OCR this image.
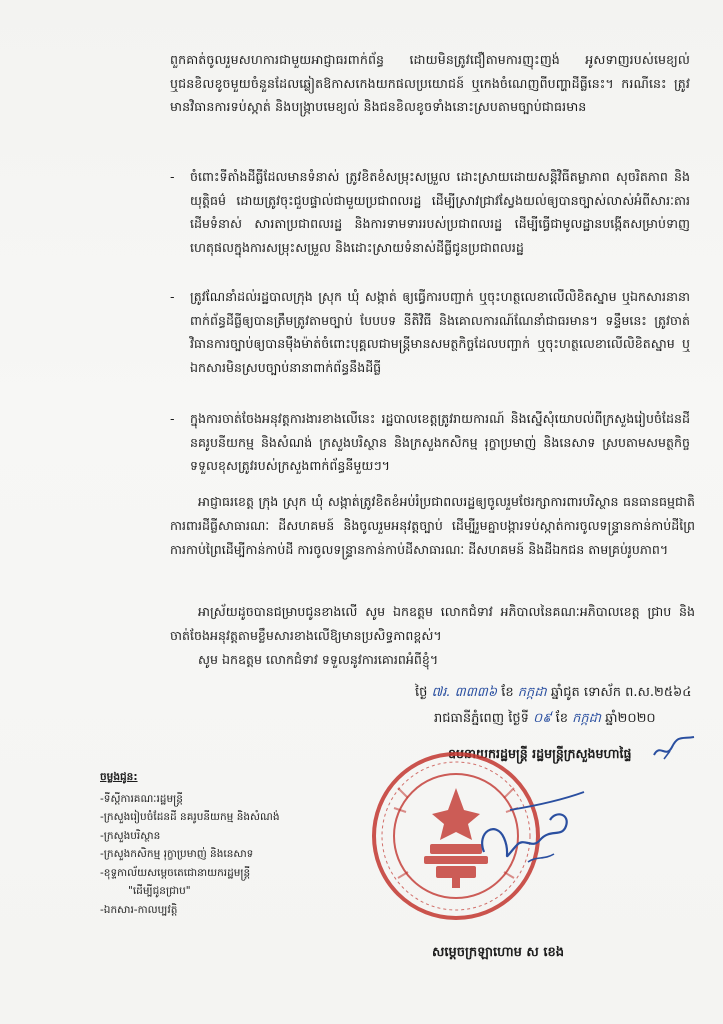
ពួកគាត់ចូលរួមសហការជាមួយអាជ្ញាធរពាក់ព័ន្ធ ដោយមិនត្រូវជឿតាមការញុះញង់ អូសទាញរបស់មេខ្យល់ ឬជនខិលខូចមួយចំនួនដែលឆ្លៀតឱកាសកេងយកផលប្រយោជន៍ ឬកេងចំណេញពីបញ្ហាដីធ្លីនេះ។ ករណីនេះ ត្រូវមានវិធានការទប់ស្កាត់ និងបង្ក្រាបមេខ្យល់ និងជនខិលខូចទាំងនោះស្របតាមច្បាប់ជាធរមាន
- ចំពោះទីតាំងដីធ្លីដែលមានទំនាស់ ត្រូវខិតខំសម្រុះសម្រួល ដោះស្រាយដោយសន្តិវិធីតម្លាភាព សុចរិតភាព និងយុត្តិធម៌ ដោយត្រូវចុះជួបផ្ទាល់ជាមួយប្រជាពលរដ្ឋ ដើម្បីស្រាវជ្រាវស្វែងយល់ឲ្យបានច្បាស់លាស់អំពីសារៈតារដើមទំនាស់ សារតាប្រជាពលរដ្ឋ និងការទាមទាររបស់ប្រជាពលរដ្ឋ ដើម្បីធ្វើជាមូលដ្ឋានបង្កើតសម្រាប់ទាញហេតុផលក្នុងការសម្រុះសម្រួល និងដោះស្រាយទំនាស់ដីធ្លីជូនប្រជាពលរដ្ឋ
- ត្រូវណែនាំដល់រដ្ឋបាលក្រុង ស្រុក ឃុំ សង្កាត់ ឲ្យធ្វើការបញ្ជាក់ ឬចុះហត្ថលេខាលើលិខិតស្នាម ឬឯកសារនានាពាក់ព័ន្ធដីធ្លីឲ្យបានត្រឹមត្រូវតាមច្បាប់ បែបបទ នីតិវិធី និងគោលការណ៍ណែនាំជាធរមាន។ ទន្ទឹមនេះ ត្រូវចាត់វិធានការច្បាប់ឲ្យបានម៉ឺងម៉ាត់ចំពោះបុគ្គលជាមន្ត្រីមានសមត្ថកិច្ចដែលបញ្ជាក់ ឬចុះហត្ថលេខាលើលិខិតស្នាម ឬឯកសារមិនស្របច្បាប់នានាពាក់ព័ន្ធនឹងដីធ្លី
- ក្នុងការចាត់ចែងអនុវត្តការងារខាងលើនេះ រដ្ឋបាលខេត្តត្រូវរាយការណ៍ និងស្នើសុំយោបល់ពីក្រសួងរៀបចំដែនដី នគរូបនីយកម្ម និងសំណង់ ក្រសួងបរិស្ថាន និងក្រសួងកសិកម្ម រុក្ខាប្រមាញ់ និងនេសាទ ស្របតាមសមត្ថកិច្ចទទួលខុសត្រូវរបស់ក្រសួងពាក់ព័ន្ធនីមួយៗ។
អាជ្ញាធរខេត្ត ក្រុង ស្រុក ឃុំ សង្កាត់ត្រូវខិតខំអប់រំប្រជាពលរដ្ឋឲ្យចូលរួមថែរក្សាការពារបរិស្ថាន ធនធានធម្មជាតិ ការពារដីធ្លីសាធារណៈ ដីសហគមន៍ និងចូលរួមអនុវត្តច្បាប់ ដើម្បីរួមគ្នាបង្ការទប់ស្កាត់ការចូលទន្ទ្រានកាន់កាប់ដីព្រៃ ការកាប់ព្រៃដើម្បីកាន់កាប់ដី ការចូលទន្ទ្រានកាន់កាប់ដីសាធារណៈ ដីសហគមន៍ និងដីឯកជន តាមគ្រប់រូបភាព។
អាស្រ័យដូចបានជម្រាបជូនខាងលើ សូម ឯកឧត្តម លោកជំទាវ អភិបាលនៃគណៈអភិបាលខេត្ត ជ្រាប និងចាត់ចែងអនុវត្តតាមខ្លឹមសារខាងលើឱ្យមានប្រសិទ្ធភាពខ្ពស់។
សូម ឯកឧត្តម លោកជំទាវ ទទួលនូវការគោរពអំពីខ្ញុំ។
ថ្ងៃ ៧រ. ៣៣៣៦ ខែ កក្កដា ឆ្នាំជូត ទោស័ក ព.ស.២៥៦៤
រាជធានីភ្នំពេញ ថ្ងៃទី ០៩ ខែ កក្កដា ឆ្នាំ២០២០
ឧបនាយករដ្ឋមន្ត្រី រដ្ឋមន្ត្រីក្រសួងមហាផ្ទៃ
ចម្លងជូន:
-ទីស្តីការគណៈរដ្ឋមន្ត្រី
-ក្រសួងរៀបចំដែនដី នគរូបនីយកម្ម និងសំណង់
-ក្រសួងបរិស្ថាន
-ក្រសួងកសិកម្ម រុក្ខាប្រមាញ់ និងនេសាទ
-ខុទ្ទកាល័យសម្តេចតេជោនាយករដ្ឋមន្ត្រី
"ដើម្បីជូនជ្រាប"
-ឯកសារ-កាលប្បវត្តិ
សម្តេចក្រឡាហោម ស ខេង
